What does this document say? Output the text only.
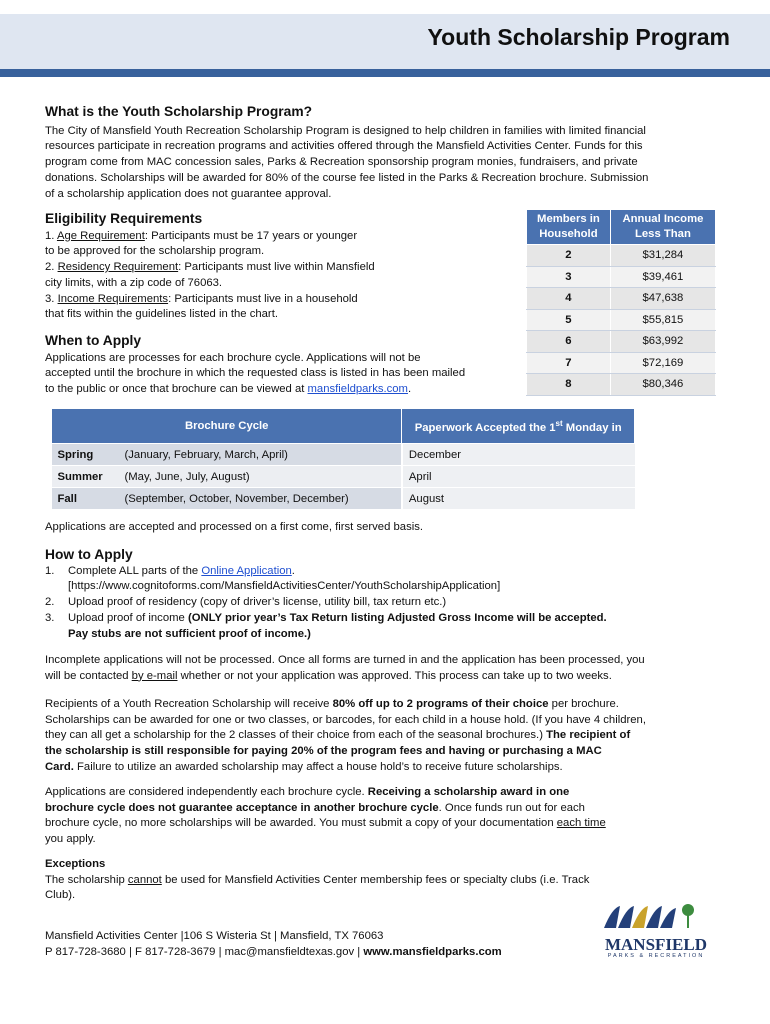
Youth Scholarship Program
What is the Youth Scholarship Program?

The City of Mansfield Youth Recreation Scholarship Program is designed to help children in families with limited financial

resources participate in recreation programs and activities offered through the Mansfield Activities Center. Funds for this

program come from MAC concession sales, Parks & Recreation sponsorship program monies, fundraisers, and private

donations. Scholarships will be awarded for 80% of the course fee listed in the Parks & Recreation brochure. Submission

of a scholarship application does not guarantee approval.

Eligibility Requirements
1. Age Requirement: Participants must be 17 years or younger
to be approved for the scholarship program.
2. Residency Requirement: Participants must live within Mansfield
city limits, with a zip code of 76063.
3. Income Requirements: Participants must live in a household
that fits within the guidelines listed in the chart.
When to Apply

Applications are processes for each brochure cycle. Applications will not be

accepted until the brochure in which the requested class is listed in has been mailed

to the public or once that brochure can be viewed at mansfieldparks.com.

Members in
Household	Annual Income
Less Than
2	$31,284
3	$39,461
4	$47,638
5	$55,815
6	$63,992
7	$72,169
8	$80,346
Brochure Cycle		Paperwork Accepted the 1st Monday in
Spring	(January, February, March, April)	December
Summer	(May, June, July, August)	April
Fall	(September, October, November, December)	August
Applications are accepted and processed on a first come, first served basis.
How to Apply
1. Complete ALL parts of the Online Application.
[https://www.cognitoforms.com/MansfieldActivitiesCenter/YouthScholarshipApplication]
2. Upload proof of residency (copy of driver’s license, utility bill, tax return etc.)
3. Upload proof of income (ONLY prior year’s Tax Return listing Adjusted Gross Income will be accepted.
Pay stubs are not sufficient proof of income.)

Incomplete applications will not be processed. Once all forms are turned in and the application has been processed, you

will be contacted by e-mail whether or not your application was approved. This process can take up to two weeks.

Recipients of a Youth Recreation Scholarship will receive 80% off up to 2 programs of their choice per brochure.

Scholarships can be awarded for one or two classes, or barcodes, for each child in a house hold. (If you have 4 children,

they can all get a scholarship for the 2 classes of their choice from each of the seasonal brochures.) The recipient of

the scholarship is still responsible for paying 20% of the program fees and having or purchasing a MAC

Card. Failure to utilize an awarded scholarship may affect a house hold’s to receive future scholarships.

Applications are considered independently each brochure cycle. Receiving a scholarship award in one

brochure cycle does not guarantee acceptance in another brochure cycle. Once funds run out for each

brochure cycle, no more scholarships will be awarded. You must submit a copy of your documentation each time

you apply.

Exceptions

The scholarship cannot be used for Mansfield Activities Center membership fees or specialty clubs (i.e. Track

Club).

Mansfield Activities Center |106 S Wisteria St | Mansfield, TX 76063

P 817-728-3680 | F 817-728-3679 | mac@mansfieldtexas.gov | www.mansfieldparks.com	MANSFIELD
PARKS & RECREATION
